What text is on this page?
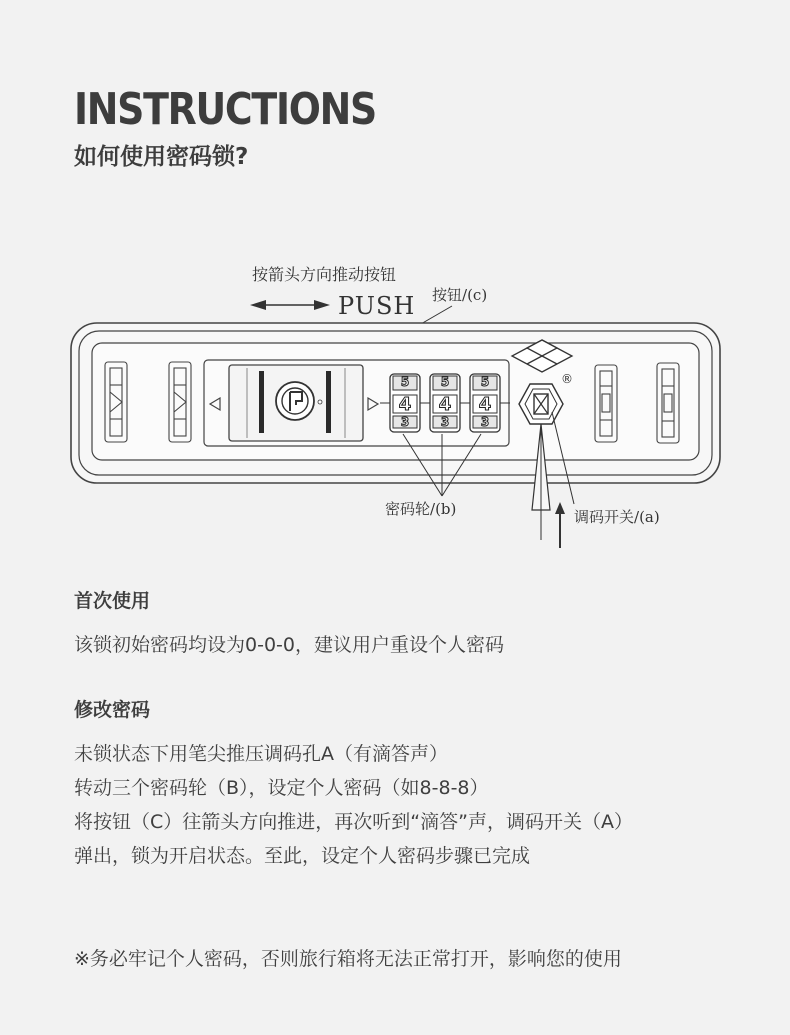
INSTRUCTIONS
如何使用密码锁?
按箭头方向推动按钮
PUSH 按钮/(c)
5
4
3
5
4
3
5
4
3
密码轮/(b)
®
调码开关/(a)
首次使用

该锁初始密码均设为0-0-0，建议用户重设个人密码

修改密码

未锁状态下用笔尖推压调码孔A（有滴答声）

转动三个密码轮（B），设定个人密码（如8-8-8）

将按钮（C）往箭头方向推进，再次听到“滴答”声，调码开关（A）

弹出，锁为开启状态。至此，设定个人密码步骤已完成

※务必牢记个人密码，否则旅行箱将无法正常打开，影响您的使用
